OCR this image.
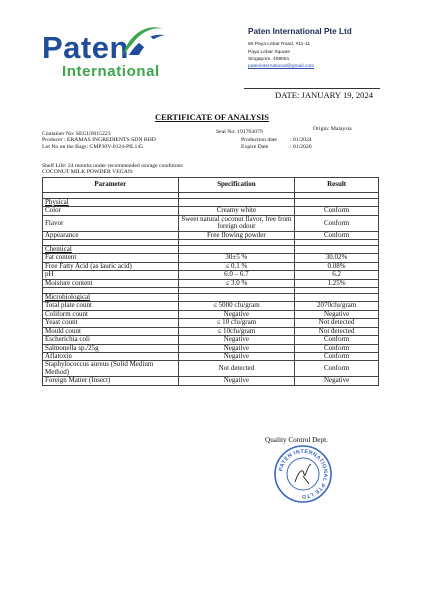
Paten
International
Paten International Pte Ltd
60 Paya Lebar Road, #11-11
Paya Lebar Square
Singapore, 409051
pateninternational@gmail.com
DATE: JANUARY 19, 2024
CERTIFICATE OF ANALYSIS
Container No: SEGU6015223
Producer : ERAMAS INGREDIENTS SDN BHD
Lot No on the Bags: CMP30V-0124-PIL145
Seal No: 191703079	Origin: Malaysia
Production date : 01/2024
Expire Date	: 01/2026
Shelf Life: 24 months under recommended storage conditions
COCONUT MILK POWDER VEGAN:
Parameter	Specification	Result

Physical		
Color	Creamy white	Conform
Flavor	Sweet natural coconut flavor, free from foreign odour	Conform
Appearance	Free flowing powder	Conform

Chemical		
Fat content	30±5 %	30.02%
Free Fatty Acid (as lauric acid)	≤ 0.1 %	0.08%
pH	6.0 – 6.7	6.2
Moisture content	≤ 3.0 %	1.25%

Microbiological		
Total plate count	≤ 5000 cfu/gram	2070cfu/gram
Coliform count	Negative	Negative
Yeast count	≤ 10 cfu/gram	Not detected
Mould count	≤ 10cfu/gram	Not detected
Escherichia coli	Negative	Conform
Salmonella sp./25g	Negative	Conform
Aflatoxin	Negative	Conform
Staphylococcus aureus (Solid Medium Method)	Not detected	Conform
Foreign Matter (Insect)	Negative	Negative
Quality Control Dept.
PATEN INTERNATIONAL PTE LTD
